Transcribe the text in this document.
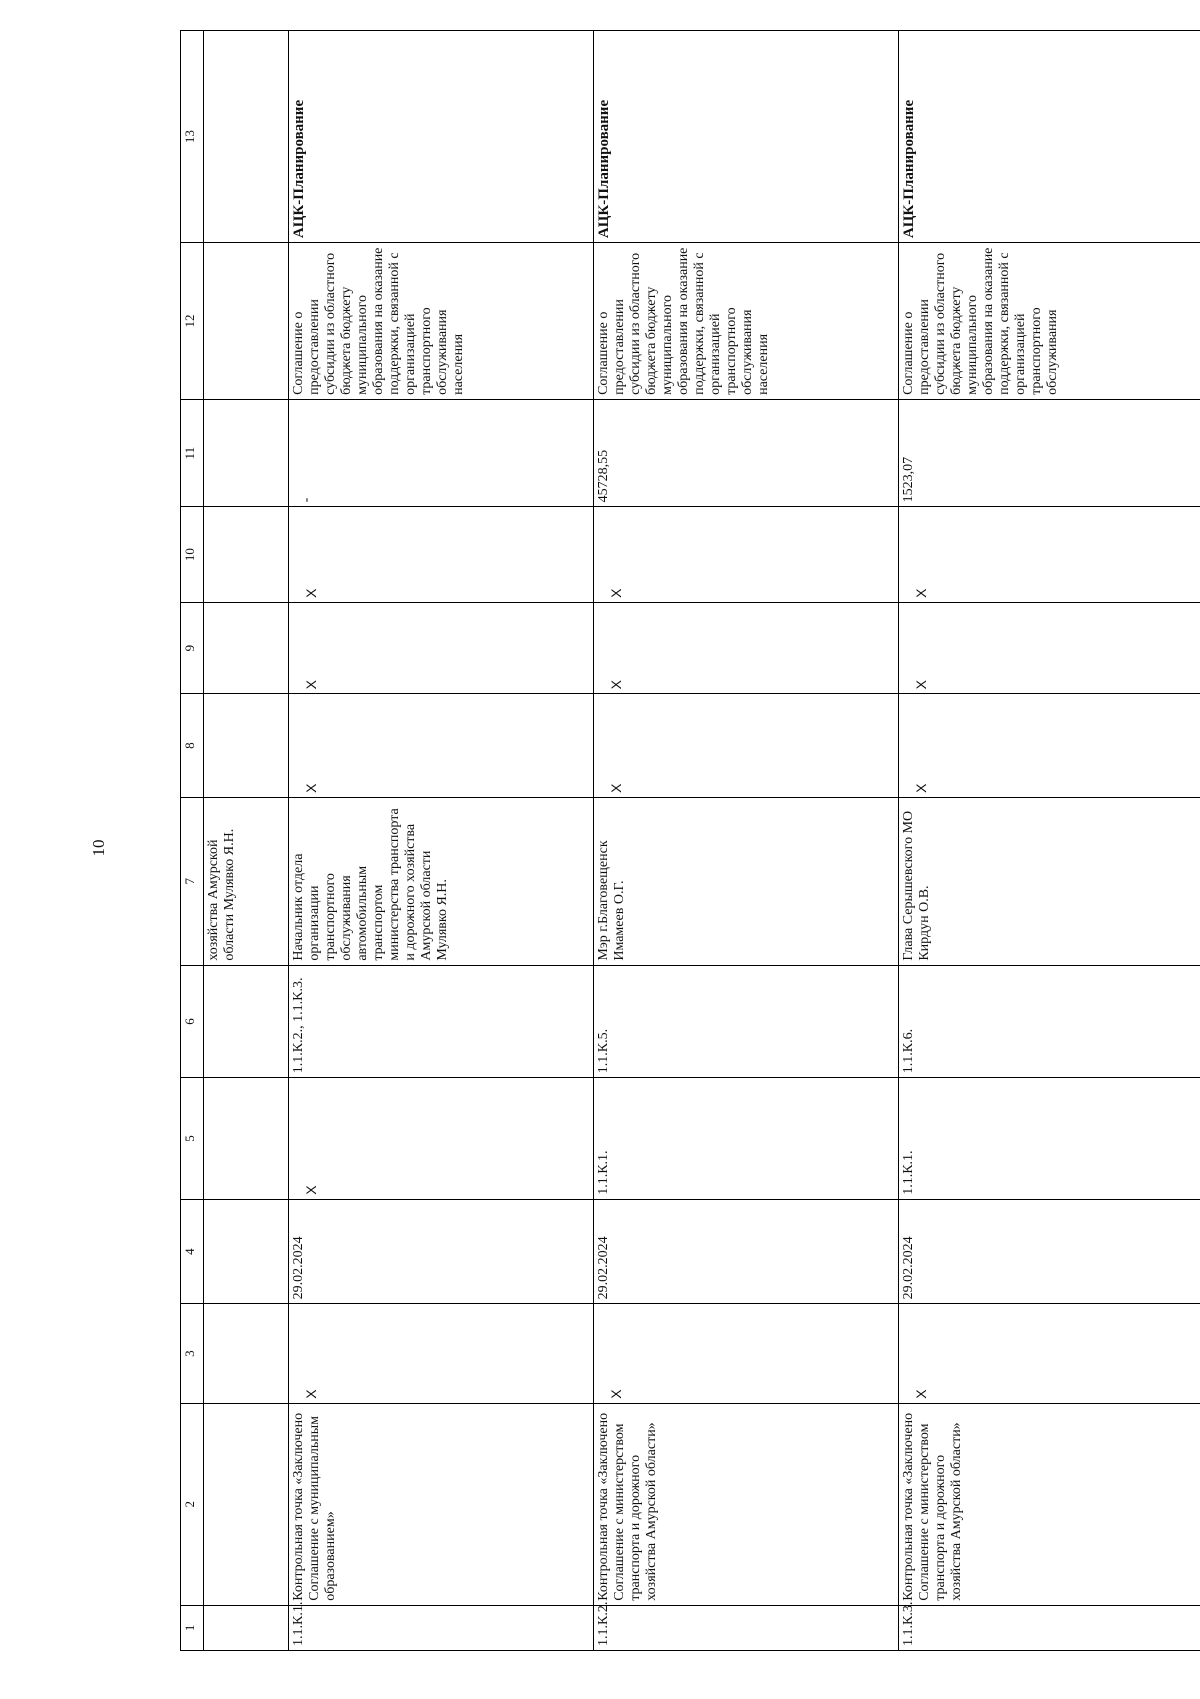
10
1	2	3	4	5	6	7	8	9	10	11	12	13
						хозяйства Амурской области Мулявко Я.Н.						
1.1.К.1.	Контрольная точка «Заключено Соглашение с муниципальным образованием»	X	29.02.2024	X	1.1.К.2., 1.1.К.3.	Начальник отдела организации транспортного обслуживания автомобильным транспортом министерства транспорта и дорожного хозяйства Амурской области Мулявко Я.Н.	X	X	X	-	Соглашение о предоставлении субсидии из областного бюджета бюджету муниципального образования на оказание поддержки, связанной с организацией транспортного обслуживания населения	АЦК-Планирование
1.1.К.2.	Контрольная точка «Заключено Соглашение с министерством транспорта и дорожного хозяйства Амурской области»	X	29.02.2024	1.1.К.1.	1.1.К.5.	Мэр г.Благовещенск Имамеев О.Г.	X	X	X	45728,55	Соглашение о предоставлении субсидии из областного бюджета бюджету муниципального образования на оказание поддержки, связанной с организацией транспортного обслуживания населения	АЦК-Планирование
1.1.К.3.	Контрольная точка «Заключено Соглашение с министерством транспорта и дорожного хозяйства Амурской области»	X	29.02.2024	1.1.К.1.	1.1.К.6.	Глава Серышевского МО Кирдун О.В.	X	X	X	1523,07	Соглашение о предоставлении субсидии из областного бюджета бюджету муниципального образования на оказание поддержки, связанной с организацией транспортного обслуживания	АЦК-Планирование
